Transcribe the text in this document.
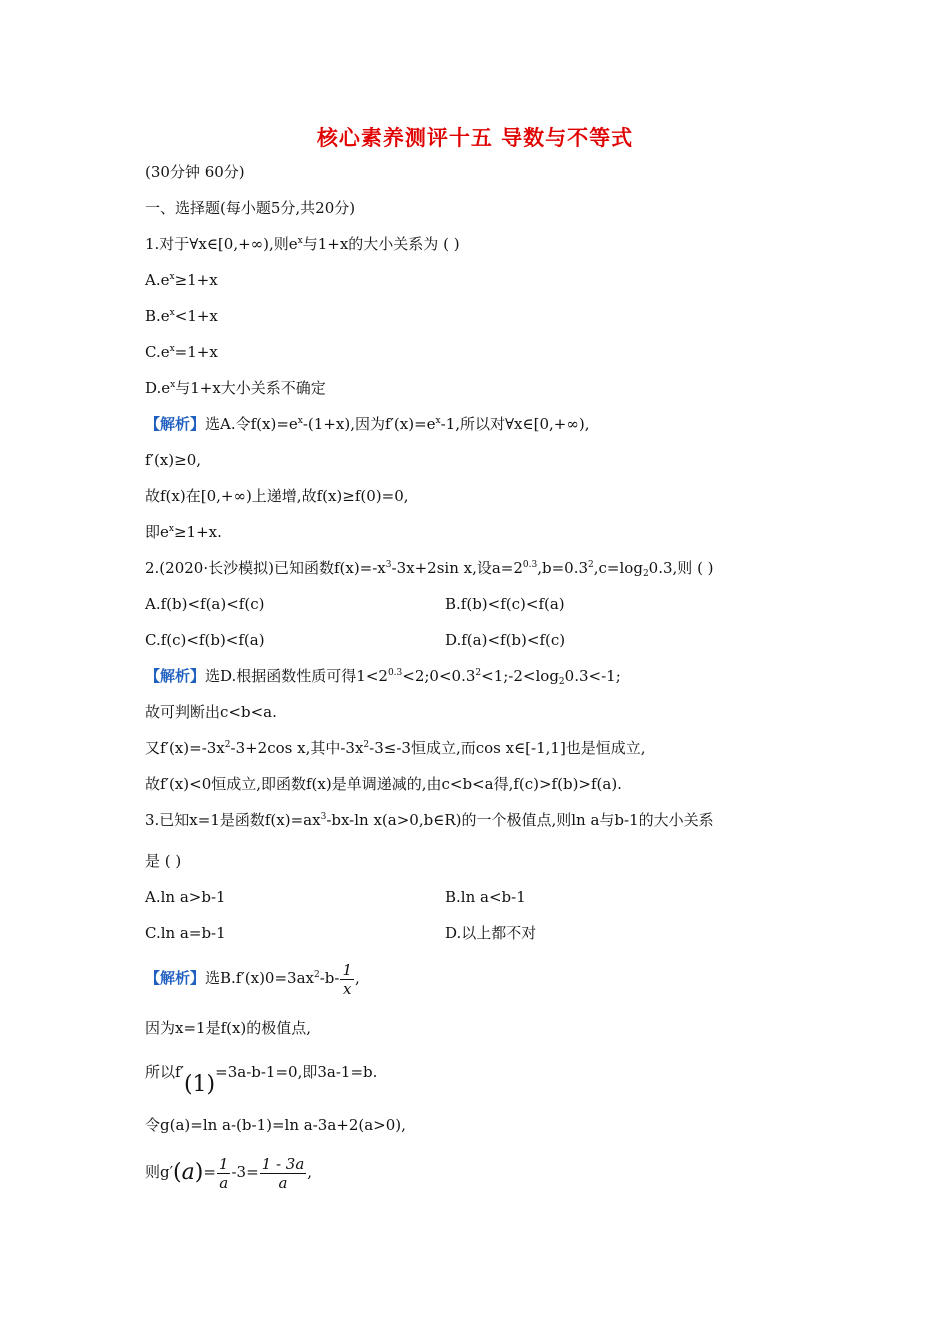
核心素养测评十五 导数与不等式
(30分钟 60分)
一、选择题(每小题5分,共20分)
1.对于∀x∈[0,+∞),则$e^x$与1+x的大小关系为 ( )
$A.e^x\ge 1+x$
$B.e^x<1+x$
$C.e^x=1+x$
$D.e^x$与1+x大小关系不确定
【解析】选A.令$f(x)=e^x-(1+x)$,因为$f'(x)=e^x-1$,所以对∀x∈[0,+∞),
f′(x)≥0,
故f(x)在[0,+∞)上递增,故f(x)≥f(0)=0,
即$e^x\ge 1+x$.
2.(2020·长沙模拟)已知函数$f(x)=-x^3-3x+2\sin$ x,设$a=2^{0.3},b=0.3^2,c=\log_20.3$,则 ( )
A.f(b)<f(a)<f(c)	B.f(b)<f(c)<f(a)
C.f(c)<f(b)<f(a)	D.f(a)<f(b)<f(c)
【解析】选D.根据函数性质可得$1<2^{0.3}<2;0<0.3^2<1;-2<\log_20.3<-1$;
故可判断出c<b<a.
又$f'(x)=-3x^2-3+2\cos$ x,其中$-3x^2-3\le-3$恒成立,而cos x∈[-1,1]也是恒成立,
故f′(x)<0恒成立,即函数f(x)是单调递减的,由c<b<a得,f(c)>f(b)>f(a).
3.已知x=1是函数$f(x)=ax^3-bx-\ln$ x(a>0,b∈R)的一个极值点,则ln a与b-1的大小关系
是 ( )
A.ln a>b-1	B.ln a<b-1
C.ln a=b-1	D.以上都不对
【解析】选$B.f'(x)0=3ax^2-b- \frac{1}{x}$ ,
因为x=1是f(x)的极值点,
所以f′(1)=3a-b-1=0,即3a-1=b.
令g(a)=ln a-(b-1)=ln a-3a+2(a>0),
则$g'(a)= \frac{1}{a} -3= \frac{1 - 3a}{a}$ ,
